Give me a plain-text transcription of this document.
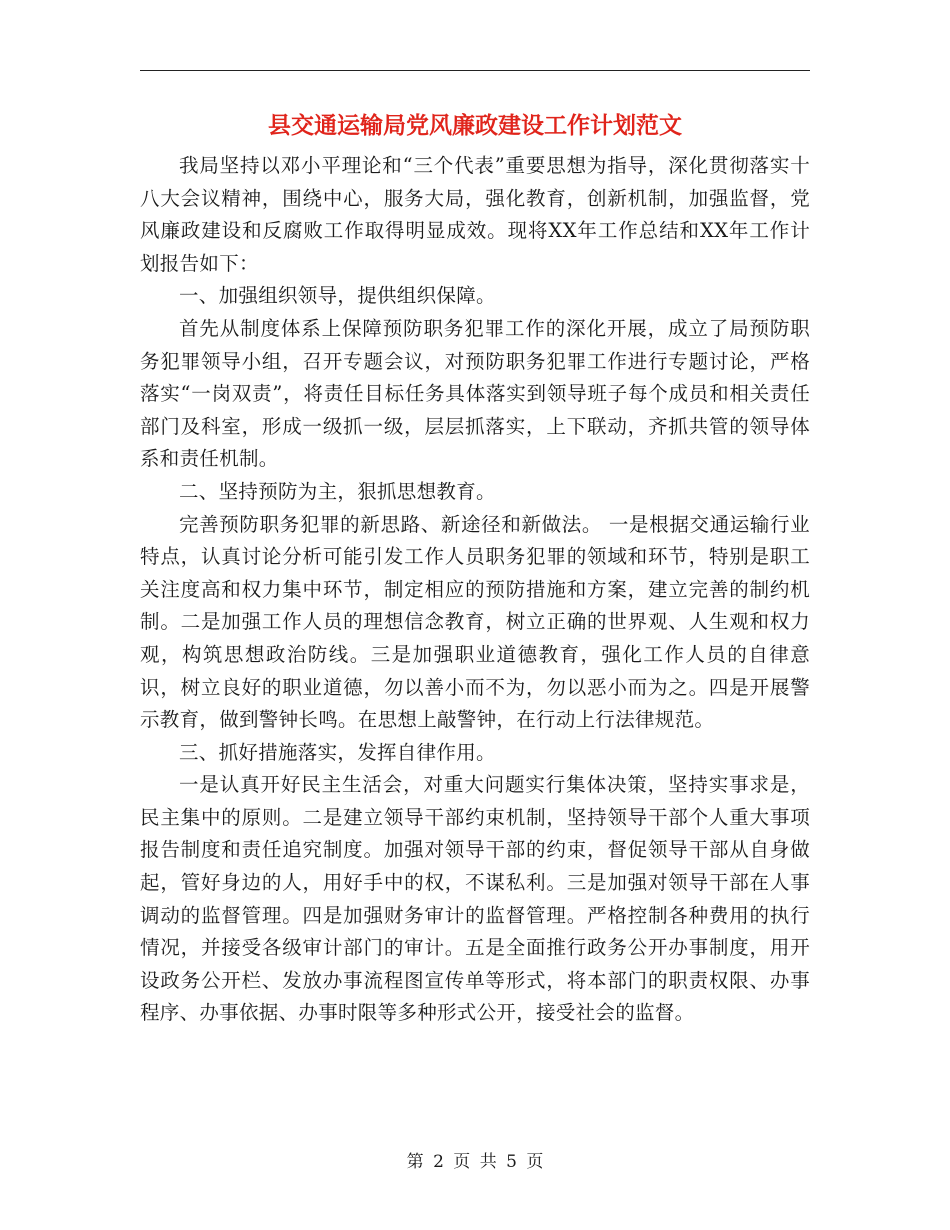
县交通运输局党风廉政建设工作计划范文

我局坚持以邓小平理论和“三个代表”重要思想为指导，深化贯彻落实十八大会议精神，围绕中心，服务大局，强化教育，创新机制，加强监督，党风廉政建设和反腐败工作取得明显成效。现将XX年工作总结和XX年工作计划报告如下：

一、加强组织领导，提供组织保障。

首先从制度体系上保障预防职务犯罪工作的深化开展，成立了局预防职务犯罪领导小组，召开专题会议，对预防职务犯罪工作进行专题讨论，严格落实“一岗双责”，将责任目标任务具体落实到领导班子每个成员和相关责任部门及科室，形成一级抓一级，层层抓落实，上下联动，齐抓共管的领导体系和责任机制。

二、坚持预防为主，狠抓思想教育。

完善预防职务犯罪的新思路、新途径和新做法。 一是根据交通运输行业特点，认真讨论分析可能引发工作人员职务犯罪的领域和环节，特别是职工关注度高和权力集中环节，制定相应的预防措施和方案，建立完善的制约机制。二是加强工作人员的理想信念教育，树立正确的世界观、人生观和权力观，构筑思想政治防线。三是加强职业道德教育，强化工作人员的自律意识，树立良好的职业道德，勿以善小而不为，勿以恶小而为之。四是开展警示教育，做到警钟长鸣。在思想上敲警钟，在行动上行法律规范。

三、抓好措施落实，发挥自律作用。

一是认真开好民主生活会，对重大问题实行集体决策，坚持实事求是，民主集中的原则。二是建立领导干部约束机制，坚持领导干部个人重大事项报告制度和责任追究制度。加强对领导干部的约束，督促领导干部从自身做起，管好身边的人，用好手中的权，不谋私利。三是加强对领导干部在人事调动的监督管理。四是加强财务审计的监督管理。严格控制各种费用的执行情况，并接受各级审计部门的审计。五是全面推行政务公开办事制度，用开设政务公开栏、发放办事流程图宣传单等形式，将本部门的职责权限、办事程序、办事依据、办事时限等多种形式公开，接受社会的监督。

第 2 页 共 5 页
